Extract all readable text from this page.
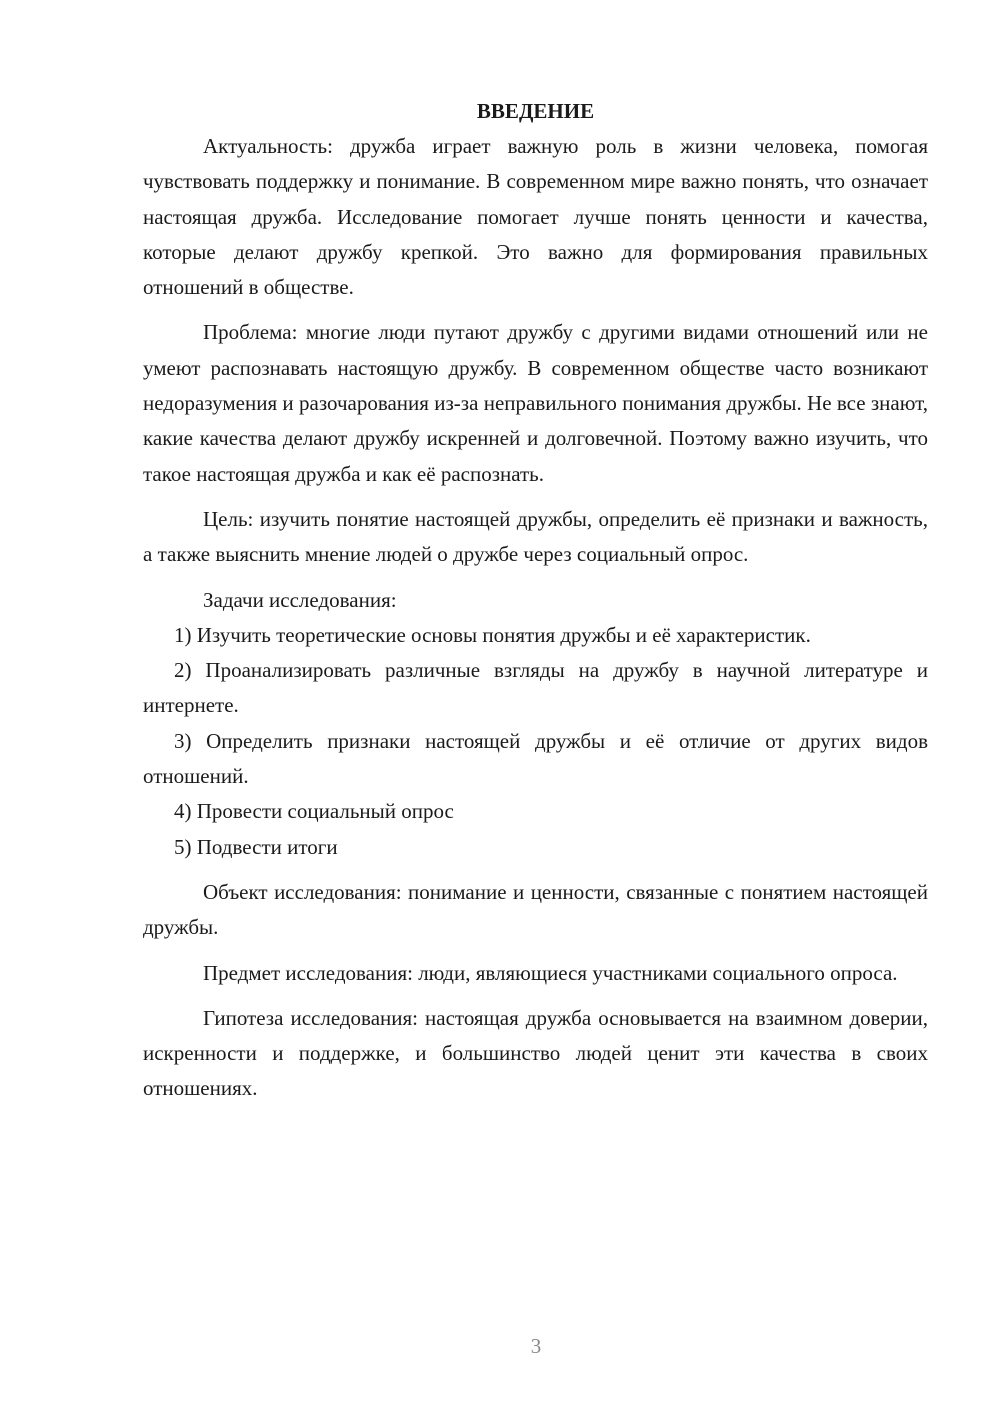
ВВЕДЕНИЕ

Актуальность: дружба играет важную роль в жизни человека, помогая чувствовать поддержку и понимание. В современном мире важно понять, что означает настоящая дружба. Исследование помогает лучше понять ценности и качества, которые делают дружбу крепкой. Это важно для формирования правильных отношений в обществе.

Проблема: многие люди путают дружбу с другими видами отношений или не умеют распознавать настоящую дружбу. В современном обществе часто возникают недоразумения и разочарования из-за неправильного понимания дружбы. Не все знают, какие качества делают дружбу искренней и долговечной. Поэтому важно изучить, что такое настоящая дружба и как её распознать.

Цель: изучить понятие настоящей дружбы, определить её признаки и важность, а также выяснить мнение людей о дружбе через социальный опрос.

Задачи исследования:

1) Изучить теоретические основы понятия дружбы и её характеристик.

2) Проанализировать различные взгляды на дружбу в научной литературе и интернете.

3) Определить признаки настоящей дружбы и её отличие от других видов отношений.

4) Провести социальный опрос

5) Подвести итоги

Объект исследования: понимание и ценности, связанные с понятием настоящей дружбы.

Предмет исследования: люди, являющиеся участниками социального опроса.

Гипотеза исследования: настоящая дружба основывается на взаимном доверии, искренности и поддержке, и большинство людей ценит эти качества в своих отношениях.

3
